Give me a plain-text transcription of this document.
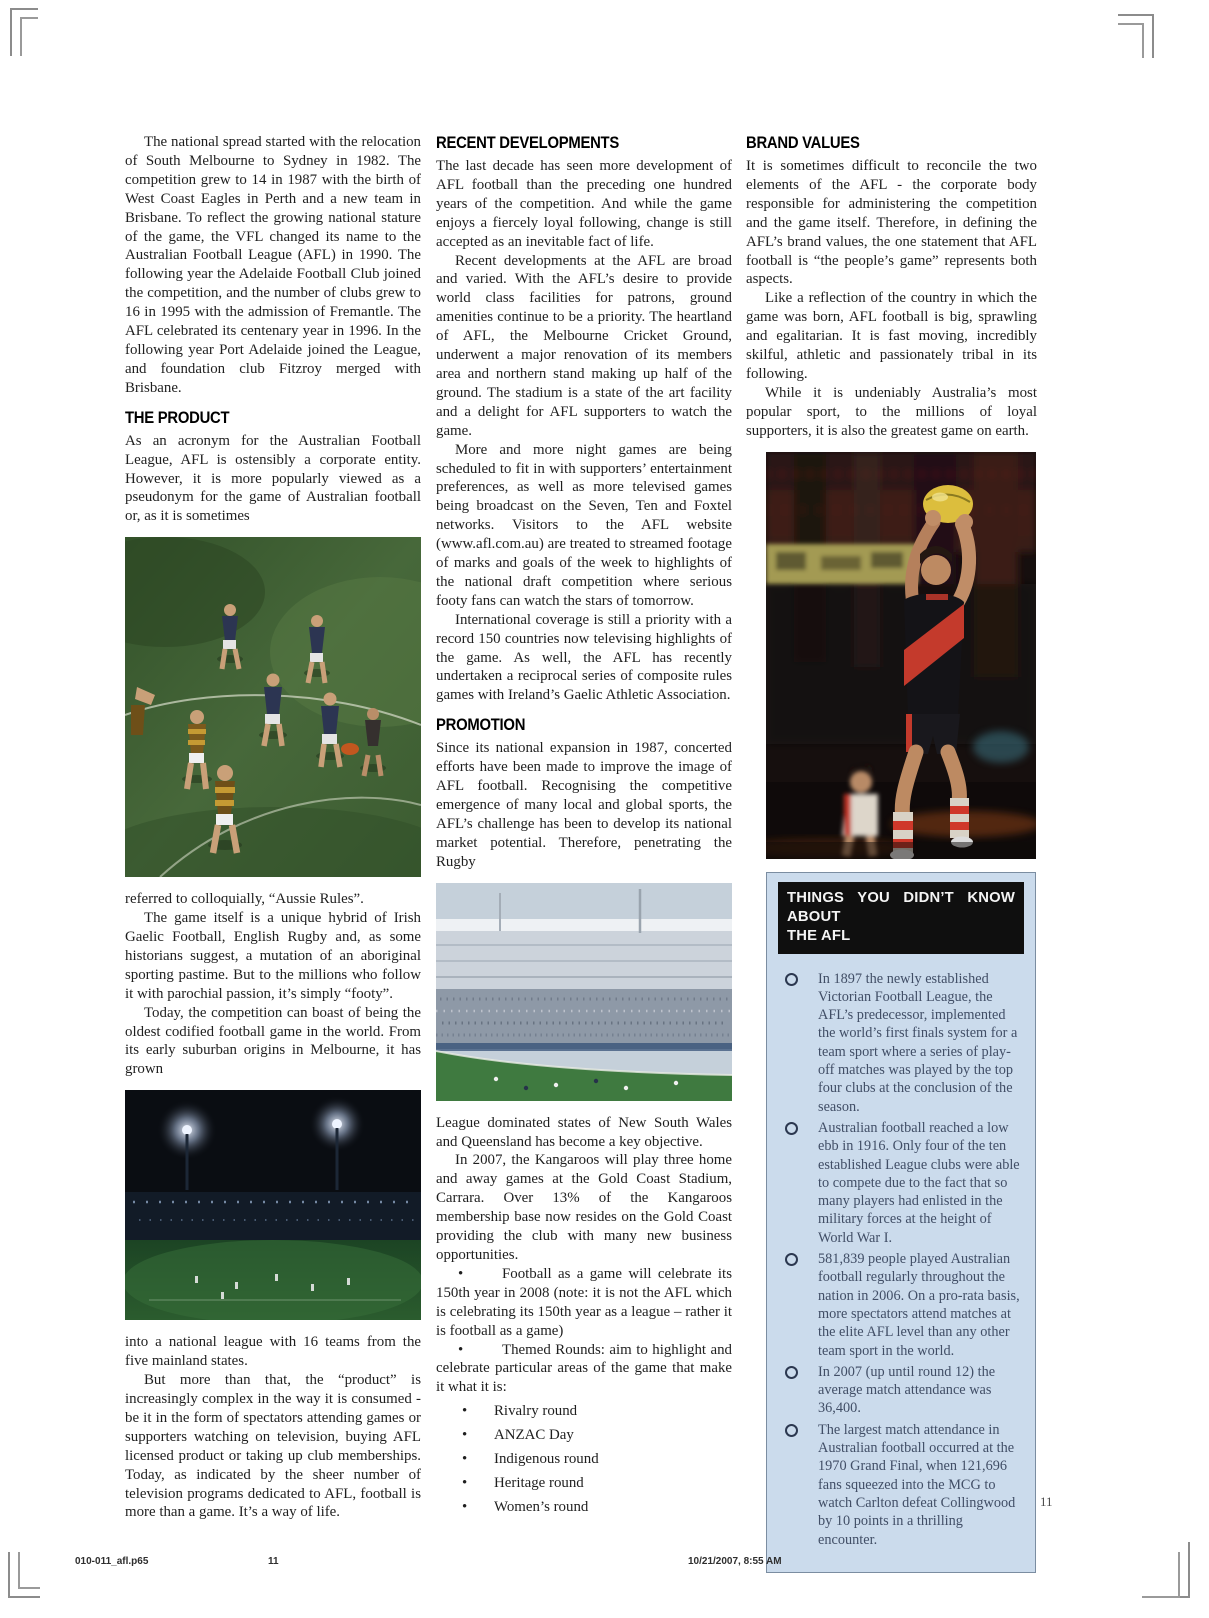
The national spread started with the relocation of South Melbourne to Sydney in 1982. The competition grew to 14 in 1987 with the birth of West Coast Eagles in Perth and a new team in Brisbane. To reflect the growing national stature of the game, the VFL changed its name to the Australian Football League (AFL) in 1990. The following year the Adelaide Football Club joined the competition, and the number of clubs grew to 16 in 1995 with the admission of Fremantle. The AFL celebrated its centenary year in 1996. In the following year Port Adelaide joined the League, and foundation club Fitzroy merged with Brisbane.

THE PRODUCT

As an acronym for the Australian Football League, AFL is ostensibly a corporate entity. However, it is more popularly viewed as a pseudonym for the game of Australian football or, as it is sometimes

referred to colloquially, “Aussie Rules”.

The game itself is a unique hybrid of Irish Gaelic Football, English Rugby and, as some historians suggest, a mutation of an aboriginal sporting pastime. But to the millions who follow it with parochial passion, it’s simply “footy”.

Today, the competition can boast of being the oldest codified football game in the world. From its early suburban origins in Melbourne, it has grown

into a national league with 16 teams from the five mainland states.

But more than that, the “product” is increasingly complex in the way it is consumed - be it in the form of spectators attending games or supporters watching on television, buying AFL licensed product or taking up club memberships. Today, as indicated by the sheer number of television programs dedicated to AFL, football is more than a game. It’s a way of life.

RECENT DEVELOPMENTS

The last decade has seen more development of AFL football than the preceding one hundred years of the competition. And while the game enjoys a fiercely loyal following, change is still accepted as an inevitable fact of life.

Recent developments at the AFL are broad and varied. With the AFL’s desire to provide world class facilities for patrons, ground amenities continue to be a priority. The heartland of AFL, the Melbourne Cricket Ground, underwent a major renovation of its members area and northern stand making up half of the ground. The stadium is a state of the art facility and a delight for AFL supporters to watch the game.

More and more night games are being scheduled to fit in with supporters’ entertainment preferences, as well as more televised games being broadcast on the Seven, Ten and Foxtel networks. Visitors to the AFL website (www.afl.com.au) are treated to streamed footage of marks and goals of the week to highlights of the national draft competition where serious footy fans can watch the stars of tomorrow.

International coverage is still a priority with a record 150 countries now televising highlights of the game. As well, the AFL has recently undertaken a reciprocal series of composite rules games with Ireland’s Gaelic Athletic Association.

PROMOTION

Since its national expansion in 1987, concerted efforts have been made to improve the image of AFL football. Recognising the competitive emergence of many local and global sports, the AFL’s challenge has been to develop its national market potential. Therefore, penetrating the Rugby

League dominated states of New South Wales and Queensland has become a key objective.

In 2007, the Kangaroos will play three home and away games at the Gold Coast Stadium, Carrara. Over 13% of the Kangaroos membership base now resides on the Gold Coast providing the club with many new business opportunities.

•	Football as a game will celebrate its 150th year in 2008 (note: it is not the AFL which is celebrating its 150th year as a league – rather it is football as a game)

•	Themed Rounds: aim to highlight and celebrate particular areas of the game that make it what it is:

• Rivalry round
• ANZAC Day
• Indigenous round
• Heritage round
• Women’s round
BRAND VALUES

It is sometimes difficult to reconcile the two elements of the AFL - the corporate body responsible for administering the competition and the game itself. Therefore, in defining the AFL’s brand values, the one statement that AFL football is “the people’s game” represents both aspects.

Like a reflection of the country in which the game was born, AFL football is big, sprawling and egalitarian. It is fast moving, incredibly skilful, athletic and passionately tribal in its following.

While it is undeniably Australia’s most popular sport, to the millions of loyal supporters, it is also the greatest game on earth.

THINGS YOU DIDN’T KNOW ABOUT
THE AFL
In 1897 the newly established Victorian Football League, the AFL’s predecessor, implemented the world’s first finals system for a team sport where a series of play-off matches was played by the top four clubs at the conclusion of the season.
Australian football reached a low ebb in 1916. Only four of the ten established League clubs were able to compete due to the fact that so many players had enlisted in the military forces at the height of World War I.
581,839 people played Australian football regularly throughout the nation in 2006. On a pro-rata basis, more spectators attend matches at the elite AFL level than any other team sport in the world.
In 2007 (up until round 12) the average match attendance was 36,400.
The largest match attendance in Australian football occurred at the 1970 Grand Final, when 121,696 fans squeezed into the MCG to watch Carlton defeat Collingwood by 10 points in a thrilling encounter.
11
010-011_afl.p65	11	10/21/2007, 8:55 AM
